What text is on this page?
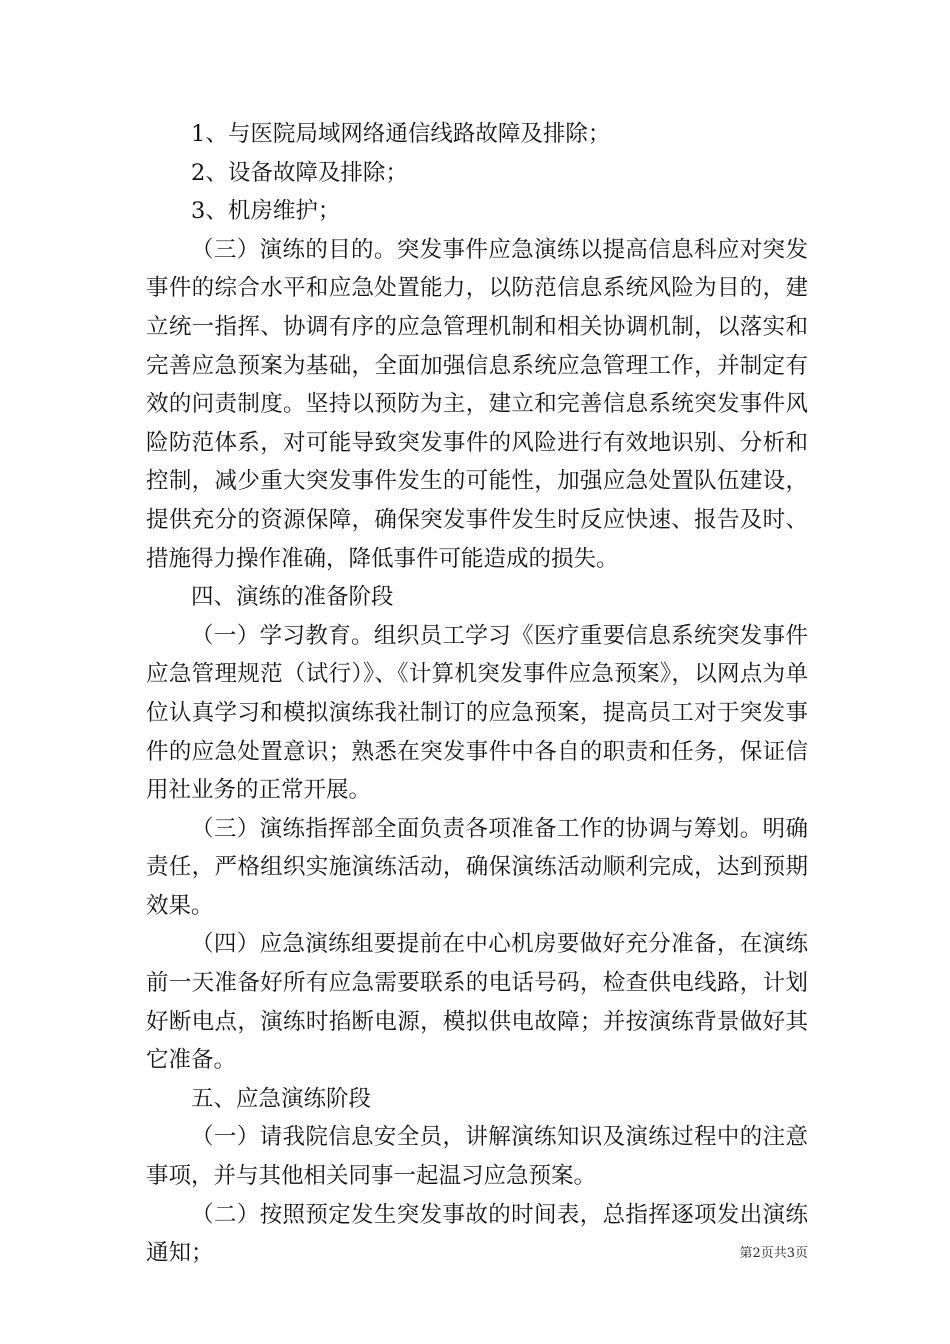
1、与医院局域网络通信线路故障及排除；

2、设备故障及排除；

3、机房维护；

（三）演练的目的。突发事件应急演练以提高信息科应对突发事件的综合水平和应急处置能力，以防范信息系统风险为目的，建立统一指挥、协调有序的应急管理机制和相关协调机制，以落实和完善应急预案为基础，全面加强信息系统应急管理工作，并制定有效的问责制度。坚持以预防为主，建立和完善信息系统突发事件风险防范体系，对可能导致突发事件的风险进行有效地识别、分析和控制，减少重大突发事件发生的可能性，加强应急处置队伍建设，提供充分的资源保障，确保突发事件发生时反应快速、报告及时、措施得力操作准确，降低事件可能造成的损失。

四、演练的准备阶段

（一）学习教育。组织员工学习《医疗重要信息系统突发事件应急管理规范（试行）》、《计算机突发事件应急预案》，以网点为单位认真学习和模拟演练我社制订的应急预案，提高员工对于突发事件的应急处置意识；熟悉在突发事件中各自的职责和任务，保证信用社业务的正常开展。

（三）演练指挥部全面负责各项准备工作的协调与筹划。明确责任，严格组织实施演练活动，确保演练活动顺利完成，达到预期效果。

（四）应急演练组要提前在中心机房要做好充分准备，在演练前一天准备好所有应急需要联系的电话号码，检查供电线路，计划好断电点，演练时掐断电源，模拟供电故障；并按演练背景做好其它准备。

五、应急演练阶段

（一）请我院信息安全员，讲解演练知识及演练过程中的注意事项，并与其他相关同事一起温习应急预案。

（二）按照预定发生突发事故的时间表，总指挥逐项发出演练通知；	第2页共3页
